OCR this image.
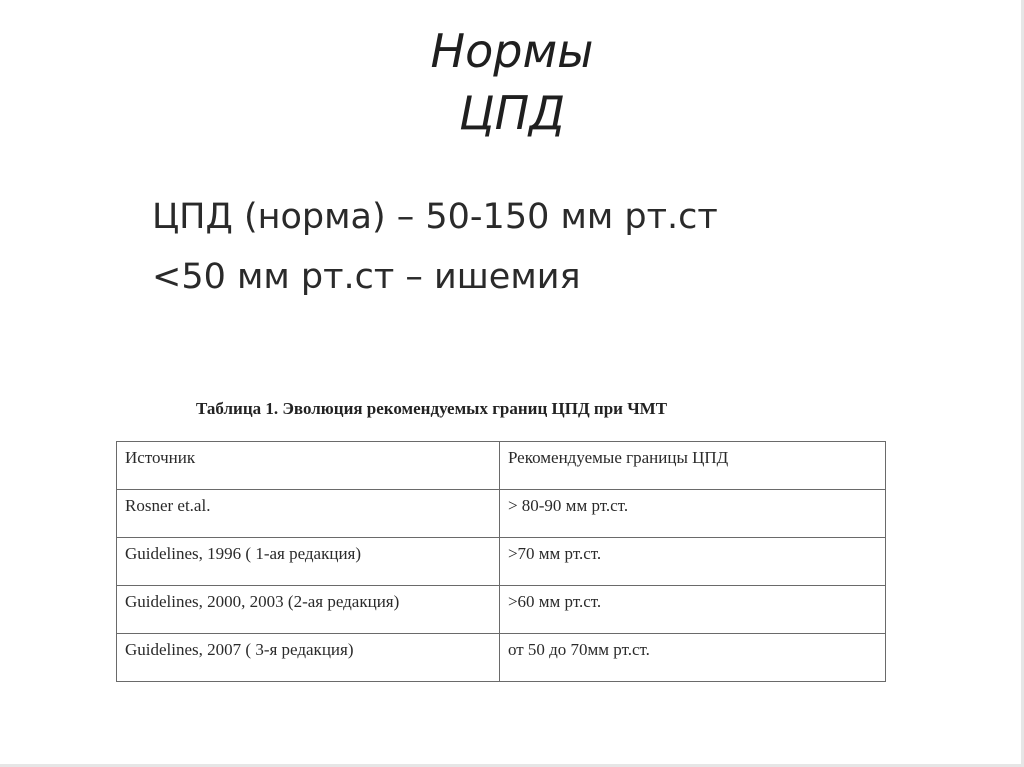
Нормы
ЦПД
ЦПД (норма) – 50-150 мм рт.ст
<50 мм рт.ст – ишемия
Таблица 1. Эволюция рекомендуемых границ ЦПД при ЧМТ
Источник	Рекомендуемые границы ЦПД
Rosner et.al.	> 80-90 мм рт.ст.
Guidelines, 1996 ( 1-ая редакция)	>70 мм рт.ст.
Guidelines, 2000, 2003 (2-ая редакция)	>60 мм рт.ст.
Guidelines, 2007 ( 3-я редакция)	от 50 до 70мм рт.ст.
